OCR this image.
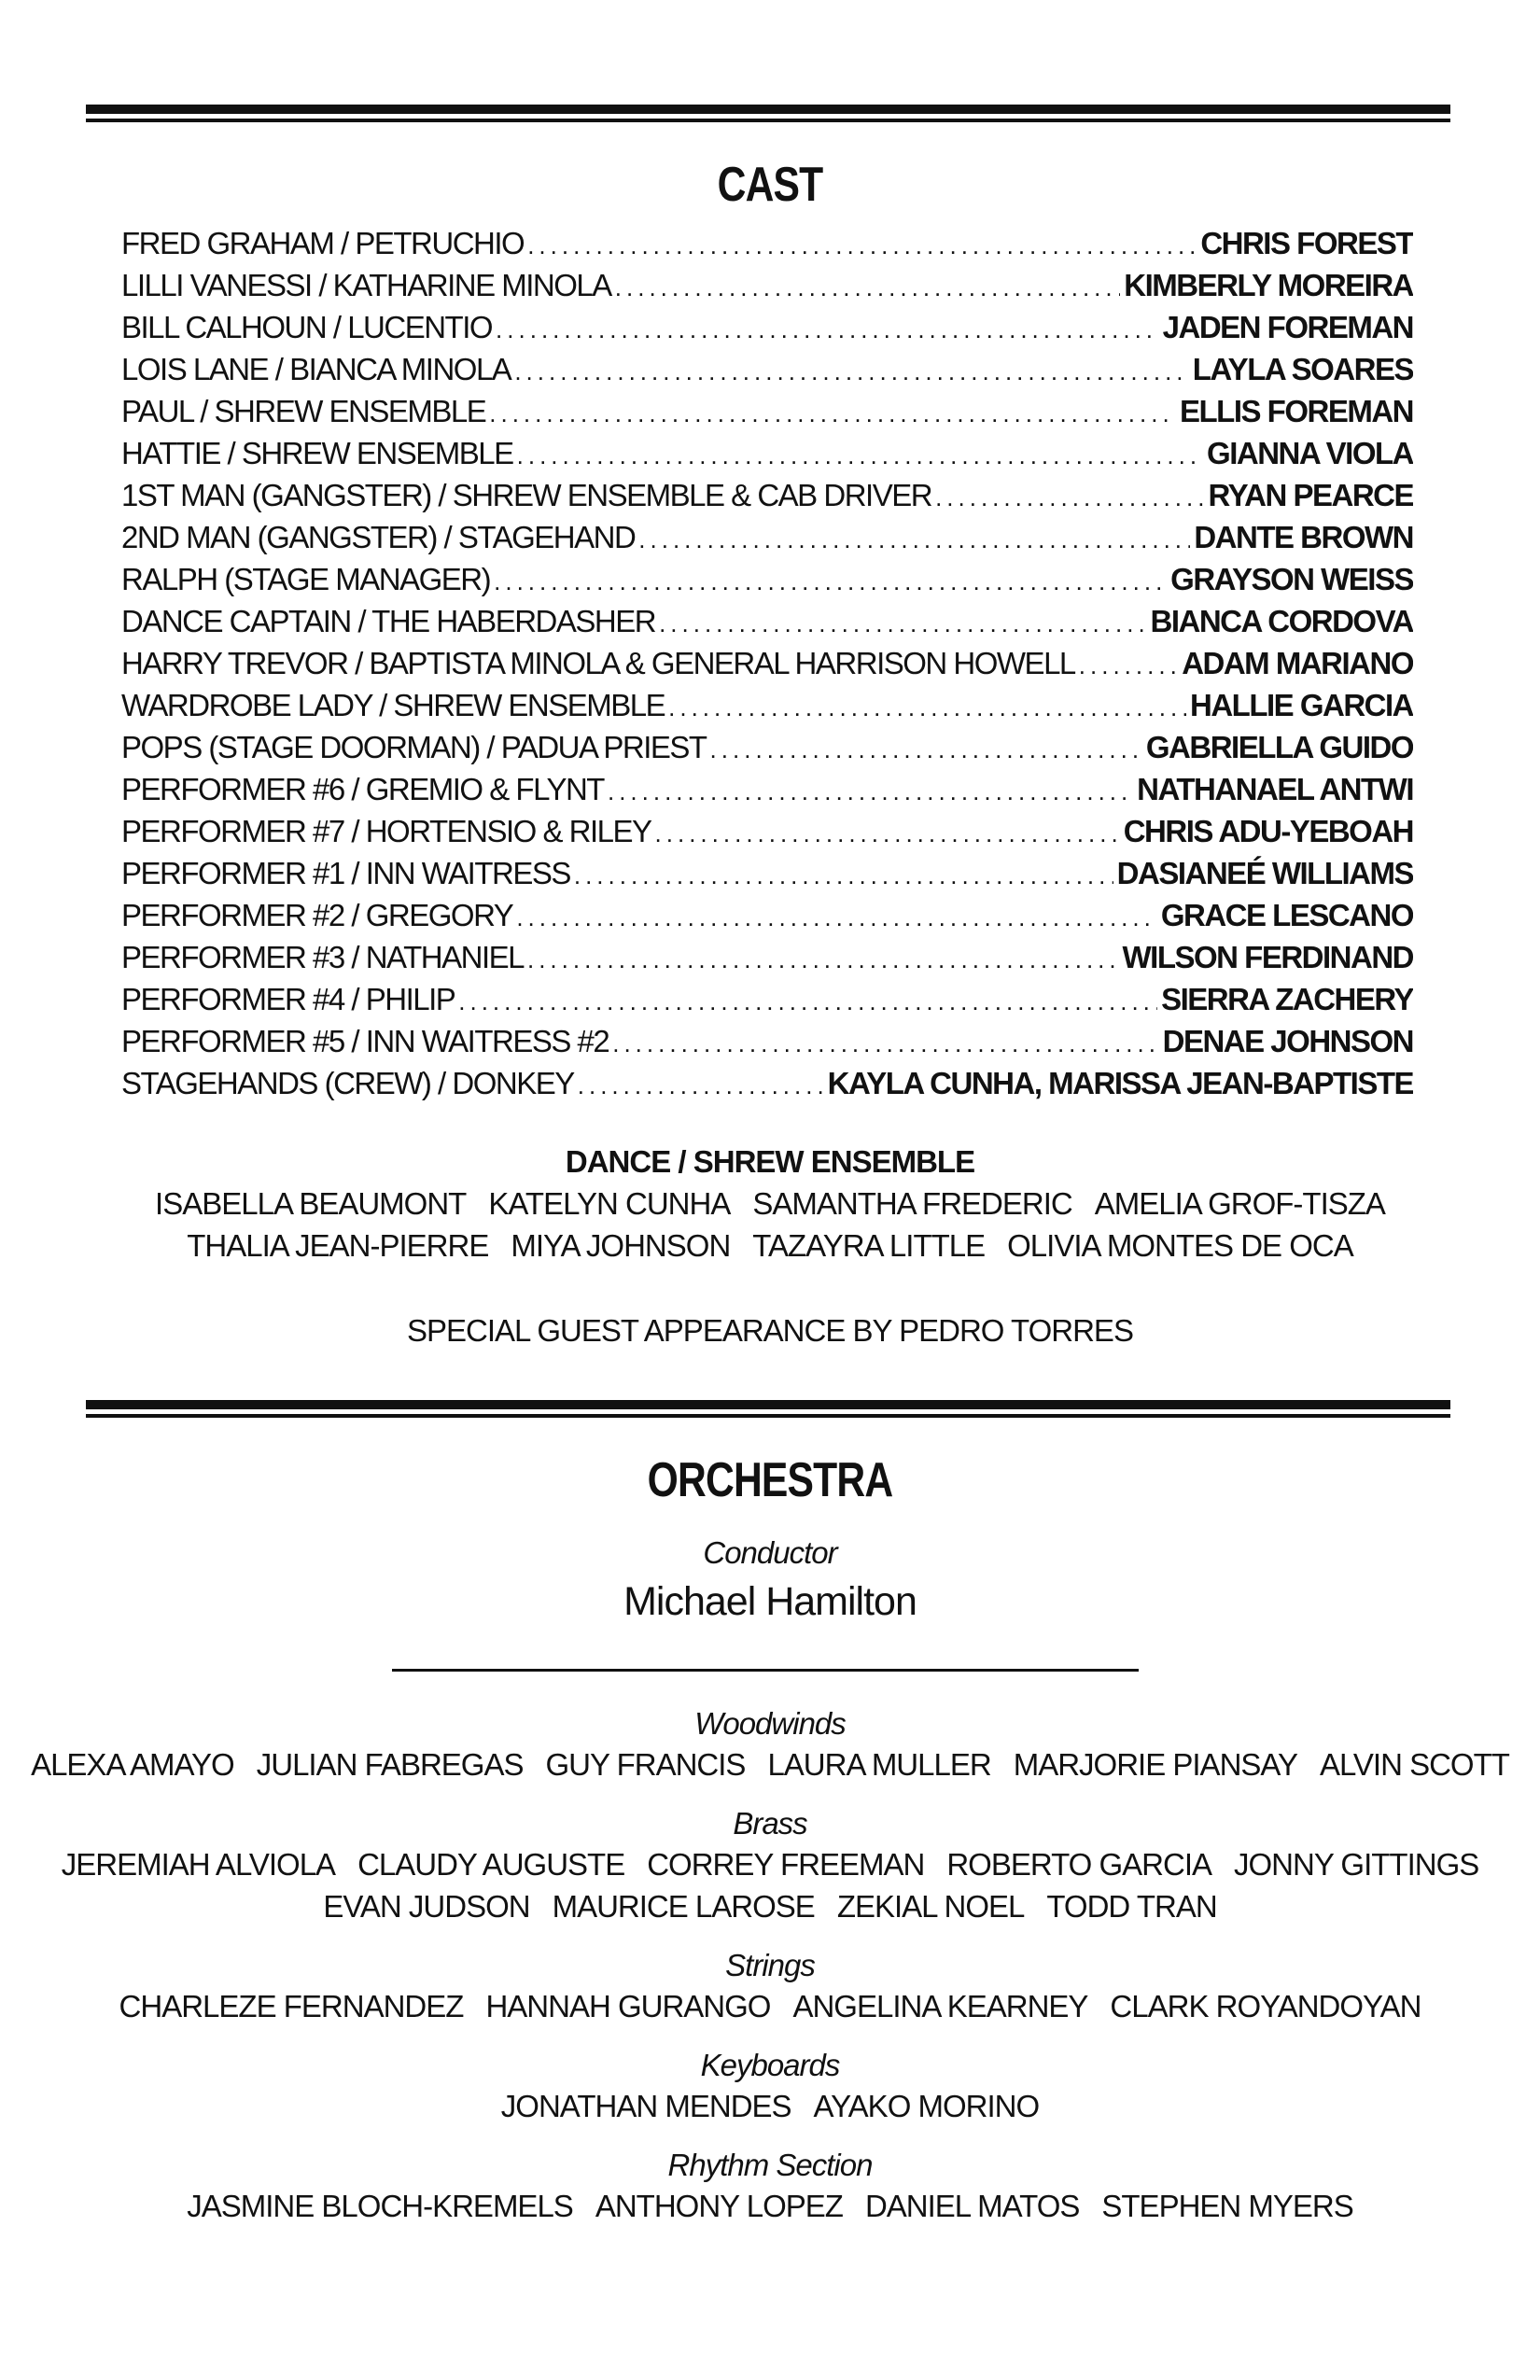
CAST
FRED GRAHAM / PETRUCHIO .....	CHRIS FOREST
LILLI VANESSI / KATHARINE MINOLA .....	KIMBERLY MOREIRA
BILL CALHOUN / LUCENTIO .....	JADEN FOREMAN
LOIS LANE / BIANCA MINOLA .....	LAYLA SOARES
PAUL / SHREW ENSEMBLE .....	ELLIS FOREMAN
HATTIE / SHREW ENSEMBLE .....	GIANNA VIOLA
1ST MAN (GANGSTER) / SHREW ENSEMBLE & CAB DRIVER .....	RYAN PEARCE
2ND MAN (GANGSTER) / STAGEHAND .....	DANTE BROWN
RALPH (STAGE MANAGER) .....	GRAYSON WEISS
DANCE CAPTAIN / THE HABERDASHER .....	BIANCA CORDOVA
HARRY TREVOR / BAPTISTA MINOLA & GENERAL HARRISON HOWELL .....	ADAM MARIANO
WARDROBE LADY / SHREW ENSEMBLE .....	HALLIE GARCIA
POPS (STAGE DOORMAN) / PADUA PRIEST .....	GABRIELLA GUIDO
PERFORMER #6 / GREMIO & FLYNT .....	NATHANAEL ANTWI
PERFORMER #7 / HORTENSIO & RILEY .....	CHRIS ADU-YEBOAH
PERFORMER #1 / INN WAITRESS .....	DASIANEÉ WILLIAMS
PERFORMER #2 / GREGORY .....	GRACE LESCANO
PERFORMER #3 / NATHANIEL .....	WILSON FERDINAND
PERFORMER #4 / PHILIP .....	SIERRA ZACHERY
PERFORMER #5 / INN WAITRESS #2 .....	DENAE JOHNSON
STAGEHANDS (CREW) / DONKEY .....	KAYLA CUNHA, MARISSA JEAN-BAPTISTE
DANCE / SHREW ENSEMBLE
ISABELLA BEAUMONT KATELYN CUNHA SAMANTHA FREDERIC AMELIA GROF-TISZA
THALIA JEAN-PIERRE MIYA JOHNSON TAZAYRA LITTLE OLIVIA MONTES DE OCA
SPECIAL GUEST APPEARANCE BY PEDRO TORRES
ORCHESTRA
Conductor
Michael Hamilton
Woodwinds
ALEXA AMAYO JULIAN FABREGAS GUY FRANCIS LAURA MULLER MARJORIE PIANSAY ALVIN SCOTT
Brass
JEREMIAH ALVIOLA CLAUDY AUGUSTE CORREY FREEMAN ROBERTO GARCIA JONNY GITTINGS
EVAN JUDSON MAURICE LAROSE ZEKIAL NOEL TODD TRAN
Strings
CHARLEZE FERNANDEZ HANNAH GURANGO ANGELINA KEARNEY CLARK ROYANDOYAN
Keyboards
JONATHAN MENDES AYAKO MORINO
Rhythm Section
JASMINE BLOCH-KREMELS ANTHONY LOPEZ DANIEL MATOS STEPHEN MYERS
